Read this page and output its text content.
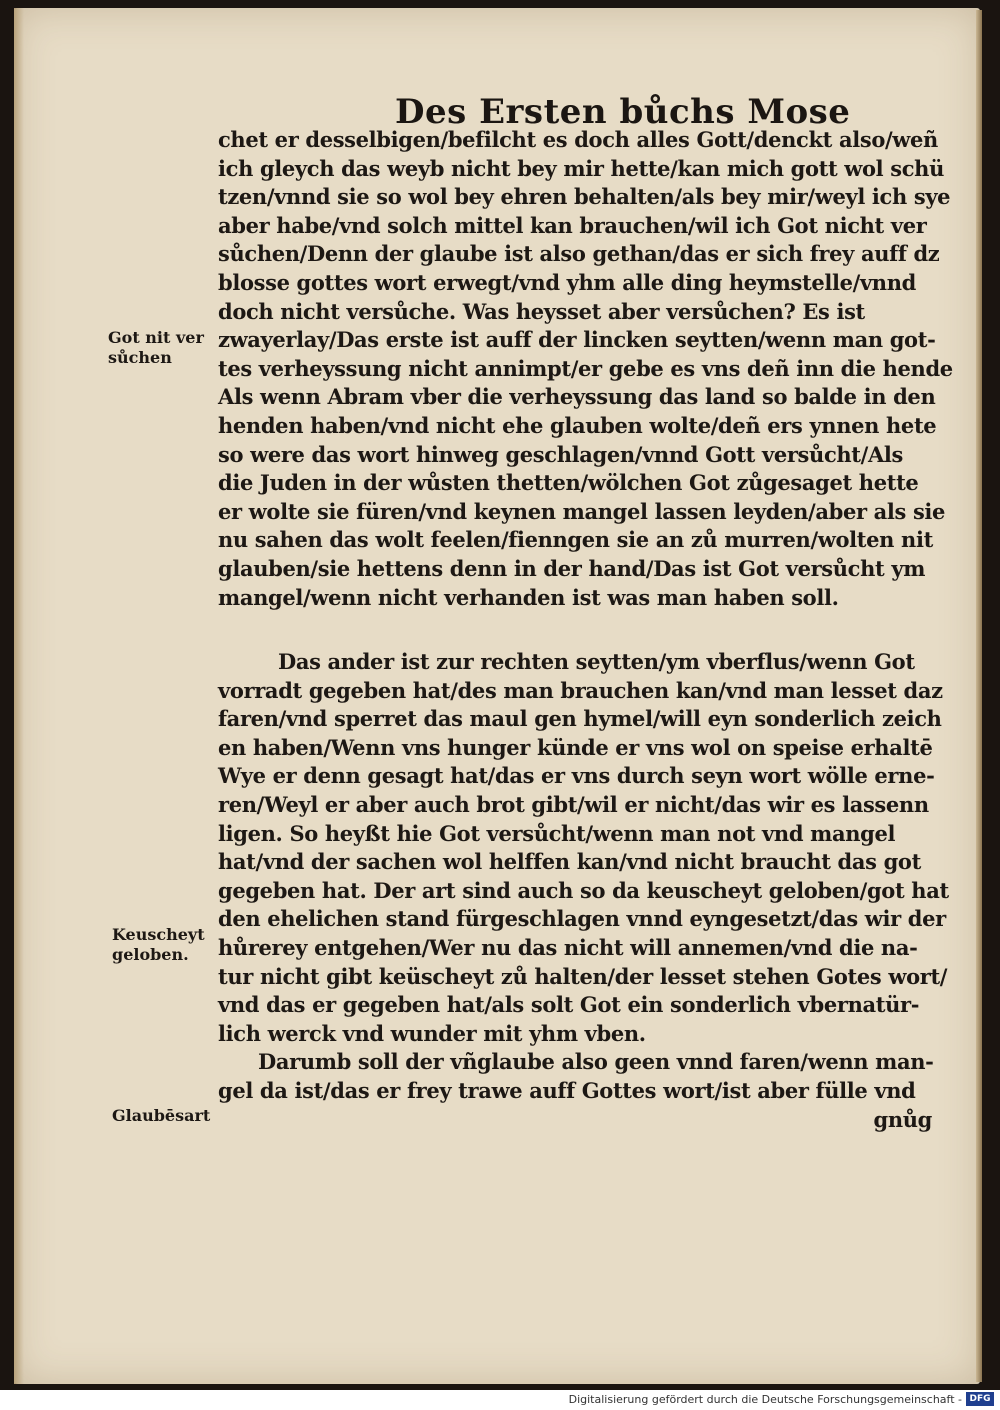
Des Ersten bůchs Mose
Got nit ver
sůchen
Keuscheyt
geloben.
Glaubēsart
chet er desselbigen/befilcht es doch alles Gott/denckt also/weñ
ich gleych das weyb nicht bey mir hette/kan mich gott wol schü
tzen/vnnd sie so wol bey ehren behalten/als bey mir/weyl ich sye
aber habe/vnd solch mittel kan brauchen/wil ich Got nicht ver
sůchen/Denn der glaube ist also gethan/das er sich frey auff dz
blosse gottes wort erwegt/vnd yhm alle ding heymstelle/vnnd
doch nicht versůche. Was heysset aber versůchen? Es ist
zwayerlay/Das erste ist auff der lincken seytten/wenn man got-
tes verheyssung nicht annimpt/er gebe es vns deñ inn die hende
Als wenn Abram vber die verheyssung das land so balde in den
henden haben/vnd nicht ehe glauben wolte/deñ ers ynnen hete
so were das wort hinweg geschlagen/vnnd Gott versůcht/Als
die Juden in der wůsten thetten/wölchen Got zůgesaget hette
er wolte sie füren/vnd keynen mangel lassen leyden/aber als sie
nu sahen das wolt feelen/fienngen sie an zů murren/wolten nit
glauben/sie hettens denn in der hand/Das ist Got versůcht ym
mangel/wenn nicht verhanden ist was man haben soll.
Das ander ist zur rechten seytten/ym vberflus/wenn Got
vorradt gegeben hat/des man brauchen kan/vnd man lesset daz
faren/vnd sperret das maul gen hymel/will eyn sonderlich zeich
en haben/Wenn vns hunger künde er vns wol on speise erhaltē
Wye er denn gesagt hat/das er vns durch seyn wort wölle erne-
ren/Weyl er aber auch brot gibt/wil er nicht/das wir es lassenn
ligen. So heyßt hie Got versůcht/wenn man not vnd mangel
hat/vnd der sachen wol helffen kan/vnd nicht braucht das got
gegeben hat. Der art sind auch so da keuscheyt geloben/got hat
den ehelichen stand fürgeschlagen vnnd eyngesetzt/das wir der
hůrerey entgehen/Wer nu das nicht will annemen/vnd die na-
tur nicht gibt keüscheyt zů halten/der lesset stehen Gotes wort/
vnd das er gegeben hat/als solt Got ein sonderlich vbernatür-
lich werck vnd wunder mit yhm vben.
Darumb soll der vñglaube also geen vnnd faren/wenn man-
gel da ist/das er frey trawe auff Gottes wort/ist aber fülle vnd
gnůg
Digitalisierung gefördert durch die Deutsche Forschungsgemeinschaft - DFG
